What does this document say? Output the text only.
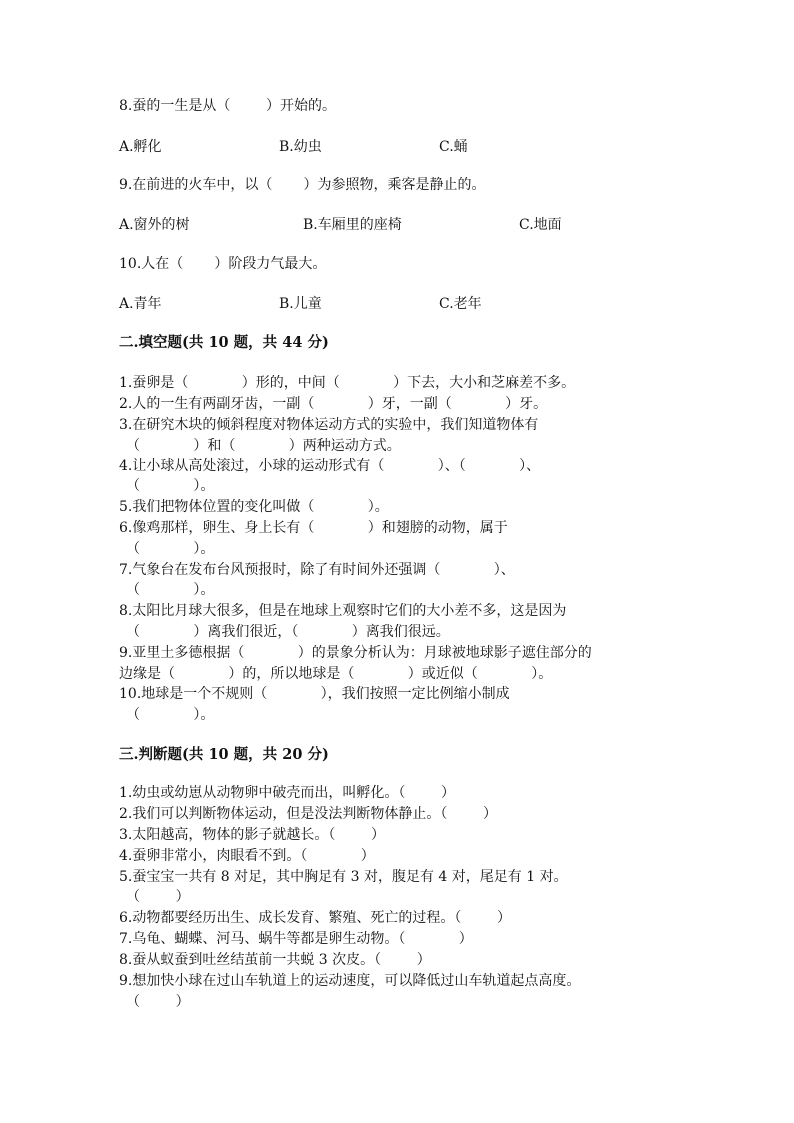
8.蚕的一生是从（        ）开始的。
A.孵化	B.幼虫	C.蛹
9.在前进的火车中，以（       ）为参照物，乘客是静止的。
A.窗外的树	B.车厢里的座椅	C.地面
10.人在（       ）阶段力气最大。
A.青年	B.儿童	C.老年
二.填空题(共 10 题，共 44 分)
1.蚕卵是（            ）形的，中间（            ）下去，大小和芝麻差不多。
2.人的一生有两副牙齿，一副（            ）牙，一副（            ）牙。
3.在研究木块的倾斜程度对物体运动方式的实验中，我们知道物体有
（            ）和（            ）两种运动方式。
4.让小球从高处滚过，小球的运动形式有（            ）、（            ）、
（            ）。
5.我们把物体位置的变化叫做（            ）。
6.像鸡那样，卵生、身上长有（            ）和翅膀的动物，属于
（            ）。
7.气象台在发布台风预报时，除了有时间外还强调（            ）、
（            ）。
8.太阳比月球大很多，但是在地球上观察时它们的大小差不多，这是因为
（            ）离我们很近，（            ）离我们很远。
9.亚里土多德根据（            ）的景象分析认为：月球被地球影子遮住部分的
边缘是（            ）的，所以地球是（            ）或近似（            ）。
10.地球是一个不规则（            ），我们按照一定比例缩小制成
（            ）。
三.判断题(共 10 题，共 20 分)
1.幼虫或幼崽从动物卵中破壳而出，叫孵化。（        ）
2.我们可以判断物体运动，但是没法判断物体静止。（        ）
3.太阳越高，物体的影子就越长。（        ）
4.蚕卵非常小，肉眼看不到。（            ）
5.蚕宝宝一共有 8 对足，其中胸足有 3 对，腹足有 4 对，尾足有 1 对。
（        ）
6.动物都要经历出生、成长发育、繁殖、死亡的过程。（        ）
7.乌龟、蝴蝶、河马、蜗牛等都是卵生动物。（            ）
8.蚕从蚁蚕到吐丝结茧前一共蜕 3 次皮。（        ）
9.想加快小球在过山车轨道上的运动速度，可以降低过山车轨道起点高度。
（        ）
